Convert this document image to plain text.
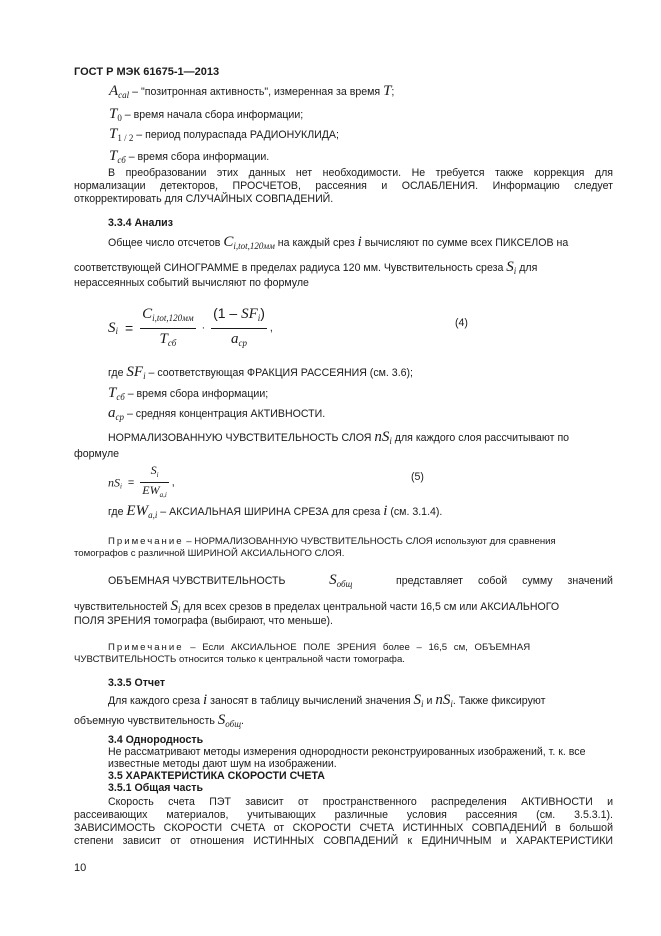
ГОСТ Р МЭК 61675-1—2013
$A_{cal}$ – "позитронная активность", измеренная за время T;
$T_0$ – время начала сбора информации;
$T_{1 / 2}$ – период полураспада РАДИОНУКЛИДА;
$T_{сб}$ – время сбора информации.
В преобразовании этих данных нет необходимости. Не требуется также коррекция для
нормализации детекторов, ПРОСЧЕТОВ, рассеяния и ОСЛАБЛЕНИЯ. Информацию следует
откорректировать для СЛУЧАЙНЫХ СОВПАДЕНИЙ.
3.3.4 Анализ
Общее число отсчетов $C_{i,tot,120мм}$ на каждый срез i вычисляют по сумме всех ПИКСЕЛОВ на
соответствующей СИНОГРАММЕ в пределах радиуса 120 мм. Чувствительность среза $S_i$ для
нерассеянных событий вычисляют по формуле
$S_i = \frac{C_{i,tot,120мм}}{T_{сб}} \cdot \frac{(1 - SF_i)}{a_{ср}}$ ,	(4)
где $SF_i$ – соответствующая ФРАКЦИЯ РАССЕЯНИЯ (см. 3.6);
$T_{сб}$ – время сбора информации;
$a_{ср}$ – средняя концентрация АКТИВНОСТИ.
НОРМАЛИЗОВАННУЮ ЧУВСТВИТЕЛЬНОСТЬ СЛОЯ $nS_i$ для каждого слоя рассчитывают по
формуле
$nS_i = \frac{S_i}{EW_{a,i}}$ ,	(5)
где $EW_{a,i}$ – АКСИАЛЬНАЯ ШИРИНА СРЕЗА для среза i (см. 3.1.4).
Примечание – НОРМАЛИЗОВАННУЮ ЧУВСТВИТЕЛЬНОСТЬ СЛОЯ используют для сравнения
томографов с различной ШИРИНОЙ АКСИАЛЬНОГО СЛОЯ.
ОБЪЕМНАЯ ЧУВСТВИТЕЛЬНОСТЬ	$S_{общ}$	представляет собой сумму значений
чувствительностей $S_i$ для всех срезов в пределах центральной части 16,5 см или АКСИАЛЬНОГО
ПОЛЯ ЗРЕНИЯ томографа (выбирают, что меньше).
Примечание – Если АКСИАЛЬНОЕ ПОЛЕ ЗРЕНИЯ более – 16,5 см, ОБЪЕМНАЯ
ЧУВСТВИТЕЛЬНОСТЬ относится только к центральной части томографа.
3.3.5 Отчет
Для каждого среза i заносят в таблицу вычислений значения $S_i$ и $nS_i$. Также фиксируют
объемную чувствительность $S_{общ}$.
3.4 Однородность
Не рассматривают методы измерения однородности реконструированных изображений, т. к. все
известные методы дают шум на изображении.
3.5 ХАРАКТЕРИСТИКА СКОРОСТИ СЧЕТА
3.5.1 Общая часть
Скорость счета ПЭТ зависит от пространственного распределения АКТИВНОСТИ и
рассеивающих материалов, учитывающих различные условия рассеяния (см. 3.5.3.1).
ЗАВИСИМОСТЬ СКОРОСТИ СЧЕТА от СКОРОСТИ СЧЕТА ИСТИННЫХ СОВПАДЕНИЙ в большой
степени зависит от отношения ИСТИННЫХ СОВПАДЕНИЙ к ЕДИНИЧНЫМ и ХАРАКТЕРИСТИКИ
10
